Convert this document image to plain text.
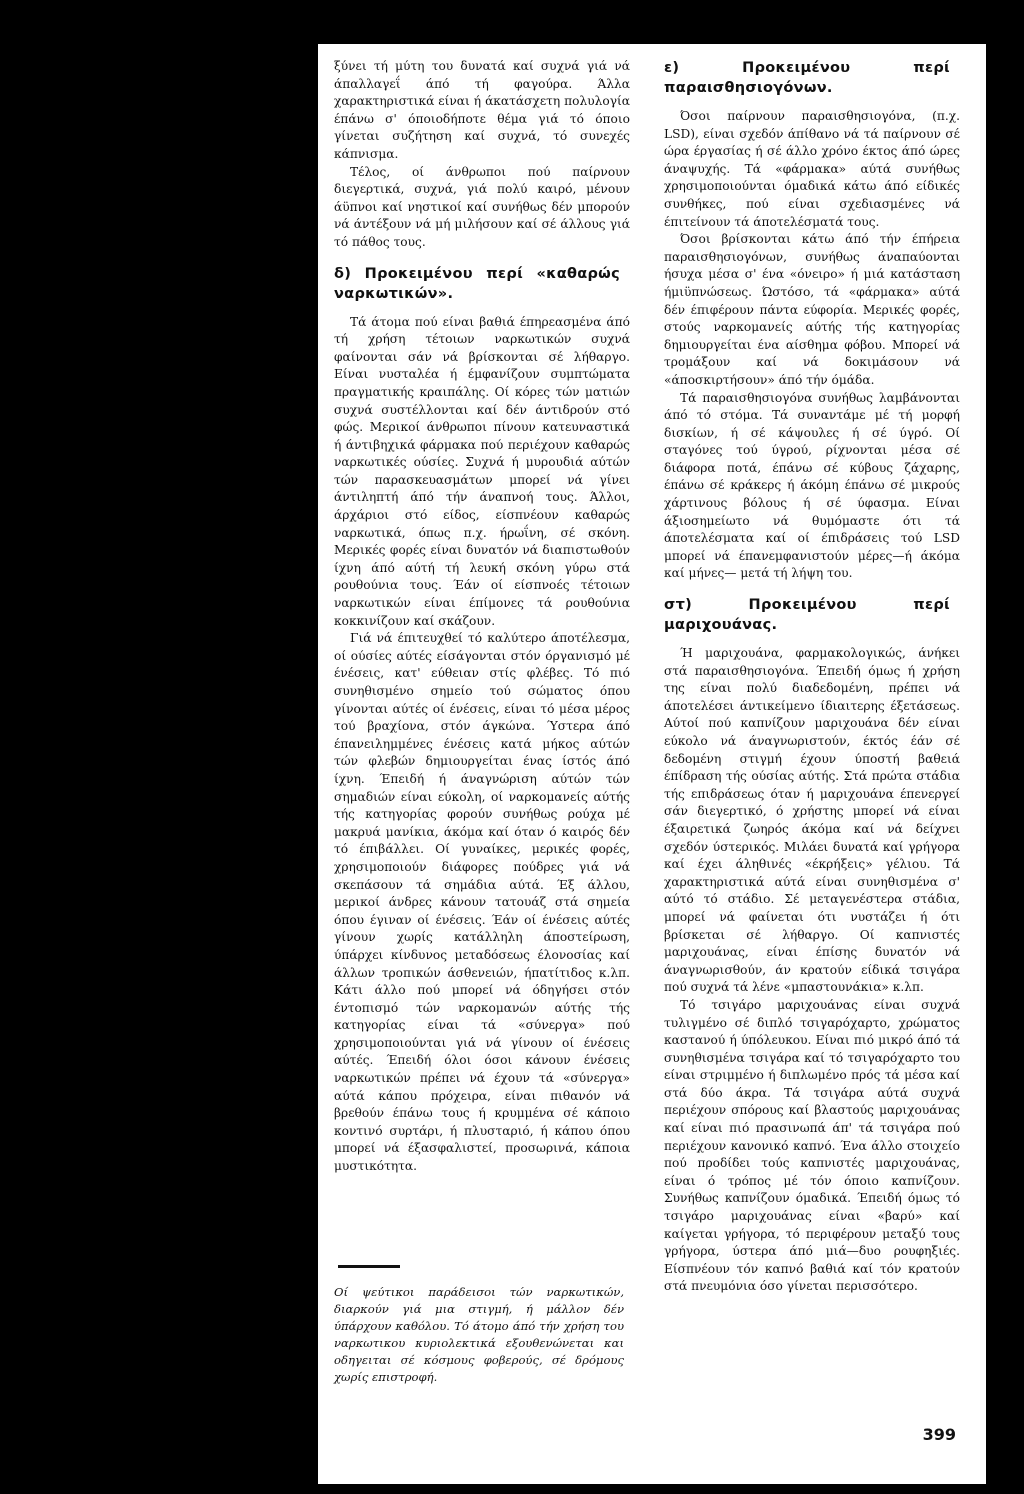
ξύνει τή μύτη του δυνατά καί συχνά γιά νά άπαλλαγεΐ άπό τή φαγούρα. Άλλα χαρακτηριστικά είναι ή άκατάσχετη πολυλογία έπάνω σ' όποιοδήποτε θέμα γιά τό όποιο γίνεται συζήτηση καί συχνά, τό συνεχές κάπνισμα.

Τέλος, οί άνθρωποι πού παίρνουν διεγερτικά, συχνά, γιά πολύ καιρό, μένουν άϋπνοι καί νηστικοί καί συνήθως δέν μπορούν νά άντέξουν νά μή μιλήσουν καί σέ άλλους γιά τό πάθος τους.

δ) Προκειμένου περί «καθαρώς ναρκωτικών».

Τά άτομα πού είναι βαθιά έπηρεασμένα άπό τή χρήση τέτοιων ναρκωτικών συχνά φαίνονται σάν νά βρίσκονται σέ λήθαργο. Είναι νυσταλέα ή έμφανίζουν συμπτώματα πραγματικής κραιπάλης. Οί κόρες τών ματιών συχνά συστέλλονται καί δέν άντιδρούν στό φώς. Μερικοί άνθρωποι πίνουν κατευναστικά ή άντιβηχικά φάρμακα πού περιέχουν καθαρώς ναρκωτικές ούσίες. Συχνά ή μυρουδιά αύτών τών παρασκευασμάτων μπορεί νά γίνει άντιληπτή άπό τήν άναπνοή τους. Άλλοι, άρχάριοι στό είδος, είσπνέουν καθαρώς ναρκωτικά, όπως π.χ. ήρωΐνη, σέ σκόνη. Μερικές φορές είναι δυνατόν νά διαπιστωθούν ίχνη άπό αύτή τή λευκή σκόνη γύρω στά ρουθούνια τους. Έάν οί είσπνοές τέτοιων ναρκωτικών είναι έπίμονες τά ρουθούνια κοκκινίζουν καί σκάζουν.

Γιά νά έπιτευχθεί τό καλύτερο άποτέλεσμα, οί ούσίες αύτές είσάγονται στόν όργανισμό μέ ένέσεις, κατ' εύθειαν στίς φλέβες. Τό πιό συνηθισμένο σημείο τού σώματος όπου γίνονται αύτές οί ένέσεις, είναι τό μέσα μέρος τού βραχίονα, στόν άγκώνα. Ύστερα άπό έπανειλημμένες ένέσεις κατά μήκος αύτών τών φλεβών δημιουργείται ένας ίστός άπό ίχνη. Έπειδή ή άναγνώριση αύτών τών σημαδιών είναι εύκολη, οί ναρκομανείς αύτής τής κατηγορίας φορούν συνήθως ρούχα μέ μακρυά μανίκια, άκόμα καί όταν ό καιρός δέν τό έπιβάλλει. Οί γυναίκες, μερικές φορές, χρησιμοποιούν διάφορες πούδρες γιά νά σκεπάσουν τά σημάδια αύτά. Έξ άλλου, μερικοί άνδρες κάνουν τατουάζ στά σημεία όπου έγιναν οί ένέσεις. Έάν οί ένέσεις αύτές γίνουν χωρίς κατάλληλη άποστείρωση, ύπάρχει κίνδυνος μεταδόσεως έλονοσίας καί άλλων τροπικών άσθενειών, ήπατίτιδος κ.λπ. Κάτι άλλο πού μπορεί νά όδηγήσει στόν έντοπισμό τών ναρκομανών αύτής τής κατηγορίας είναι τά «σύνεργα» πού χρησιμοποιούνται γιά νά γίνουν οί ένέσεις αύτές. Έπειδή όλοι όσοι κάνουν ένέσεις ναρκωτικών πρέπει νά έχουν τά «σύνεργα» αύτά κάπου πρόχειρα, είναι πιθανόν νά βρεθούν έπάνω τους ή κρυμμένα σέ κάποιο κοντινό συρτάρι, ή πλυσταριό, ή κάπου όπου μπορεί νά έξασφαλιστεί, προσωρινά, κάποια μυστικότητα.

ε) Προκειμένου περί παραισθησιογόνων.

Όσοι παίρνουν παραισθησιογόνα, (π.χ. LSD), είναι σχεδόν άπίθανο νά τά παίρνουν σέ ώρα έργασίας ή σέ άλλο χρόνο έκτος άπό ώρες άναψυχής. Τά «φάρμακα» αύτά συνήθως χρησιμοποιούνται όμαδικά κάτω άπό είδικές συνθήκες, πού είναι σχεδιασμένες νά έπιτείνουν τά άποτελέσματά τους.

Όσοι βρίσκονται κάτω άπό τήν έπήρεια παραισθησιογόνων, συνήθως άναπαύονται ήσυχα μέσα σ' ένα «όνειρο» ή μιά κατάσταση ήμιϋπνώσεως. Ώστόσο, τά «φάρμακα» αύτά δέν έπιφέρουν πάντα εύφορία. Μερικές φορές, στούς ναρκομανείς αύτής τής κατηγορίας δημιουργείται ένα αίσθημα φόβου. Μπορεί νά τρομάξουν καί νά δοκιμάσουν νά «άποσκιρτήσουν» άπό τήν όμάδα.

Τά παραισθησιογόνα συνήθως λαμβάνονται άπό τό στόμα. Τά συναντάμε μέ τή μορφή δισκίων, ή σέ κάψουλες ή σέ ύγρό. Οί σταγόνες τού ύγρού, ρίχνονται μέσα σέ διάφορα ποτά, έπάνω σέ κύβους ζάχαρης, έπάνω σέ κράκερς ή άκόμη έπάνω σέ μικρούς χάρτινους βόλους ή σέ ύφασμα. Είναι άξιοσημείωτο νά θυμόμαστε ότι τά άποτελέσματα καί οί έπιδράσεις τού LSD μπορεί νά έπανεμφανιστούν μέρες—ή άκόμα καί μήνες— μετά τή λήψη του.

στ) Προκειμένου περί μαριχουάνας.

Ή μαριχουάνα, φαρμακολογικώς, άνήκει στά παραισθησιογόνα. Έπειδή όμως ή χρήση της είναι πολύ διαδεδομένη, πρέπει νά άποτελέσει άντικείμενο ίδιαιτερης έξετάσεως. Αύτοί πού καπνίζουν μαριχουάνα δέν είναι εύκολο νά άναγνωριστούν, έκτός έάν σέ δεδομένη στιγμή έχουν ύποστή βαθειά έπίδραση τής ούσίας αύτής. Στά πρώτα στάδια τής επιδράσεως όταν ή μαριχουάνα έπενεργεί σάν διεγερτικό, ό χρήστης μπορεί νά είναι έξαιρετικά ζωηρός άκόμα καί νά δείχνει σχεδόν ύστερικός. Μιλάει δυνατά καί γρήγορα καί έχει άληθινές «έκρήξεις» γέλιου. Τά χαρακτηριστικά αύτά είναι συνηθισμένα σ' αύτό τό στάδιο. Σέ μεταγενέστερα στάδια, μπορεί νά φαίνεται ότι νυστάζει ή ότι βρίσκεται σέ λήθαργο. Οί καπνιστές μαριχουάνας, είναι έπίσης δυνατόν νά άναγνωρισθούν, άν κρατούν είδικά τσιγάρα πού συχνά τά λένε «μπαστουνάκια» κ.λπ.

Τό τσιγάρο μαριχουάνας είναι συχνά τυλιγμένο σέ διπλό τσιγαρόχαρτο, χρώματος καστανού ή ύπόλευκου. Είναι πιό μικρό άπό τά συνηθισμένα τσιγάρα καί τό τσιγαρόχαρτο του είναι στριμμένο ή διπλωμένο πρός τά μέσα καί στά δύο άκρα. Τά τσιγάρα αύτά συχνά περιέχουν σπόρους καί βλαστούς μαριχουάνας καί είναι πιό πρασινωπά άπ' τά τσιγάρα πού περιέχουν κανονικό καπνό. Ένα άλλο στοιχείο πού προδίδει τούς καπνιστές μαριχουάνας, είναι ό τρόπος μέ τόν όποιο καπνίζουν. Συνήθως καπνίζουν όμαδικά. Έπειδή όμως τό τσιγάρο μαριχουάνας είναι «βαρύ» καί καίγεται γρήγορα, τό περιφέρουν μεταξύ τους γρήγορα, ύστερα άπό μιά—δυο ρουφηξιές. Είσπνέουν τόν καπνό βαθιά καί τόν κρατούν στά πνευμόνια όσο γίνεται περισσότερο.

Οί ψεύτικοι παράδεισοι τών ναρκωτικών, διαρκούν γιά μια στιγμή, ή μάλλον δέν ύπάρχουν καθόλου. Τό άτομο άπό τήν χρήση του ναρκωτικου κυριολεκτικά εξουθενώνεται και οδηγειται σέ κόσμους φοβερούς, σέ δρόμους χωρίς επιστροφή.
399
